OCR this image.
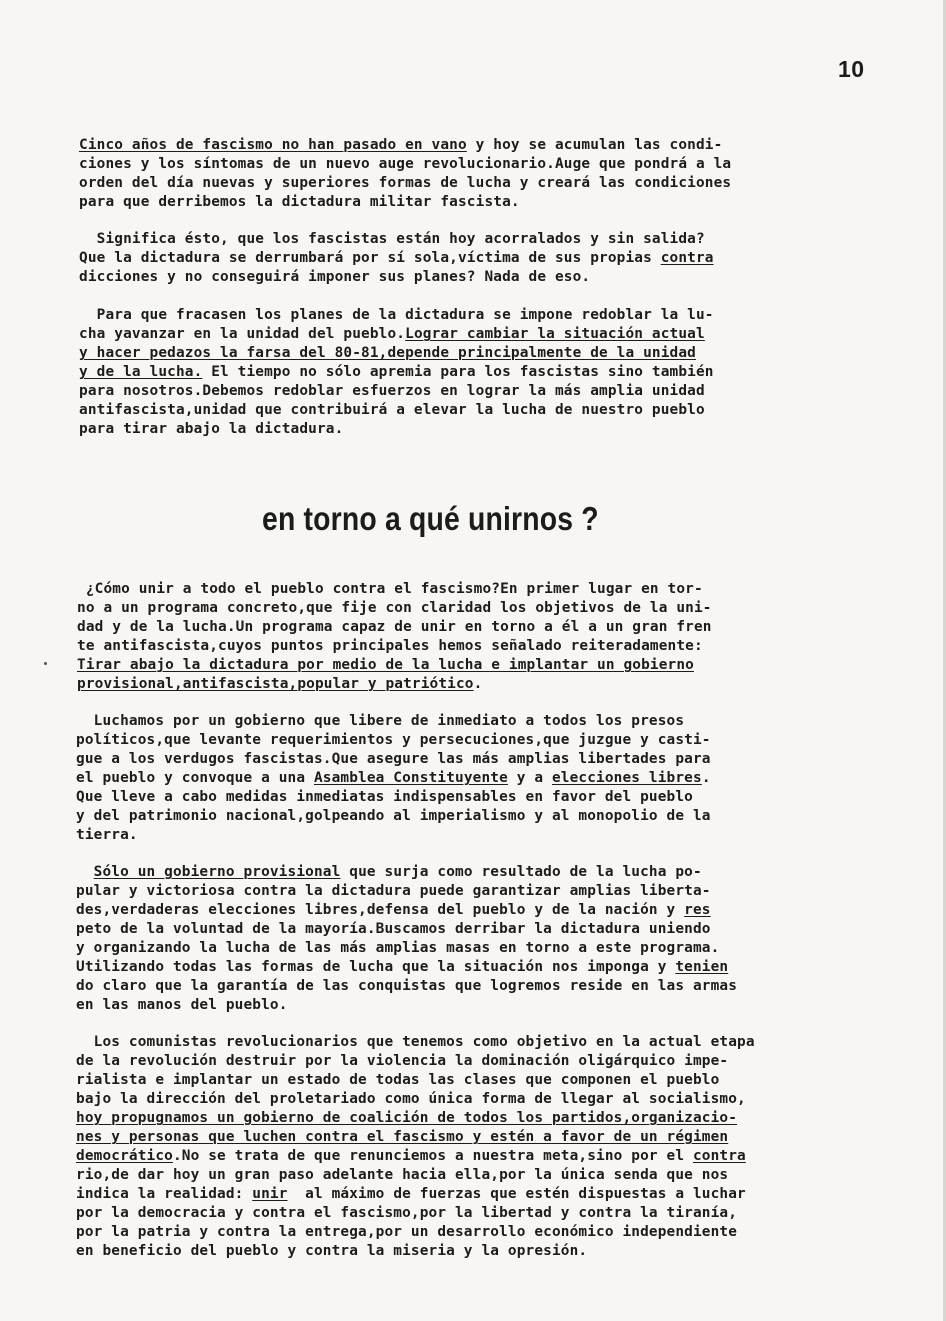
10
Cinco años de fascismo no han pasado en vano y hoy se acumulan las condi-
ciones y los síntomas de un nuevo auge revolucionario.Auge que pondrá a la
orden del día nuevas y superiores formas de lucha y creará las condiciones
para que derribemos la dictadura militar fascista.
Significa ésto, que los fascistas están hoy acorralados y sin salida?
Que la dictadura se derrumbará por sí sola,víctima de sus propias contra
dicciones y no conseguirá imponer sus planes? Nada de eso.
Para que fracasen los planes de la dictadura se impone redoblar la lu-
cha yavanzar en la unidad del pueblo.Lograr cambiar la situación actual
y hacer pedazos la farsa del 80-81,depende principalmente de la unidad
y de la lucha. El tiempo no sólo apremia para los fascistas sino también
para nosotros.Debemos redoblar esfuerzos en lograr la más amplia unidad
antifascista,unidad que contribuirá a elevar la lucha de nuestro pueblo
para tirar abajo la dictadura.
en torno a qué unirnos ?
¿Cómo unir a todo el pueblo contra el fascismo?En primer lugar en tor-
no a un programa concreto,que fije con claridad los objetivos de la uni-
dad y de la lucha.Un programa capaz de unir en torno a él a un gran fren
te antifascista,cuyos puntos principales hemos señalado reiteradamente:
Tirar abajo la dictadura por medio de la lucha e implantar un gobierno
provisional,antifascista,popular y patriótico.
Luchamos por un gobierno que libere de inmediato a todos los presos
políticos,que levante requerimientos y persecuciones,que juzgue y casti-
gue a los verdugos fascistas.Que asegure las más amplias libertades para
el pueblo y convoque a una Asamblea Constituyente y a elecciones libres.
Que lleve a cabo medidas inmediatas indispensables en favor del pueblo
y del patrimonio nacional,golpeando al imperialismo y al monopolio de la
tierra.
Sólo un gobierno provisional que surja como resultado de la lucha po-
pular y victoriosa contra la dictadura puede garantizar amplias liberta-
des,verdaderas elecciones libres,defensa del pueblo y de la nación y res
peto de la voluntad de la mayoría.Buscamos derribar la dictadura uniendo
y organizando la lucha de las más amplias masas en torno a este programa.
Utilizando todas las formas de lucha que la situación nos imponga y tenien
do claro que la garantía de las conquistas que logremos reside en las armas
en las manos del pueblo.
Los comunistas revolucionarios que tenemos como objetivo en la actual etapa
de la revolución destruir por la violencia la dominación oligárquico impe-
rialista e implantar un estado de todas las clases que componen el pueblo
bajo la dirección del proletariado como única forma de llegar al socialismo,
hoy propugnamos un gobierno de coalición de todos los partidos,organizacio-
nes y personas que luchen contra el fascismo y estén a favor de un régimen
democrático.No se trata de que renunciemos a nuestra meta,sino por el contra
rio,de dar hoy un gran paso adelante hacia ella,por la única senda que nos
indica la realidad: unir  al máximo de fuerzas que estén dispuestas a luchar
por la democracia y contra el fascismo,por la libertad y contra la tiranía,
por la patria y contra la entrega,por un desarrollo económico independiente
en beneficio del pueblo y contra la miseria y la opresión.
